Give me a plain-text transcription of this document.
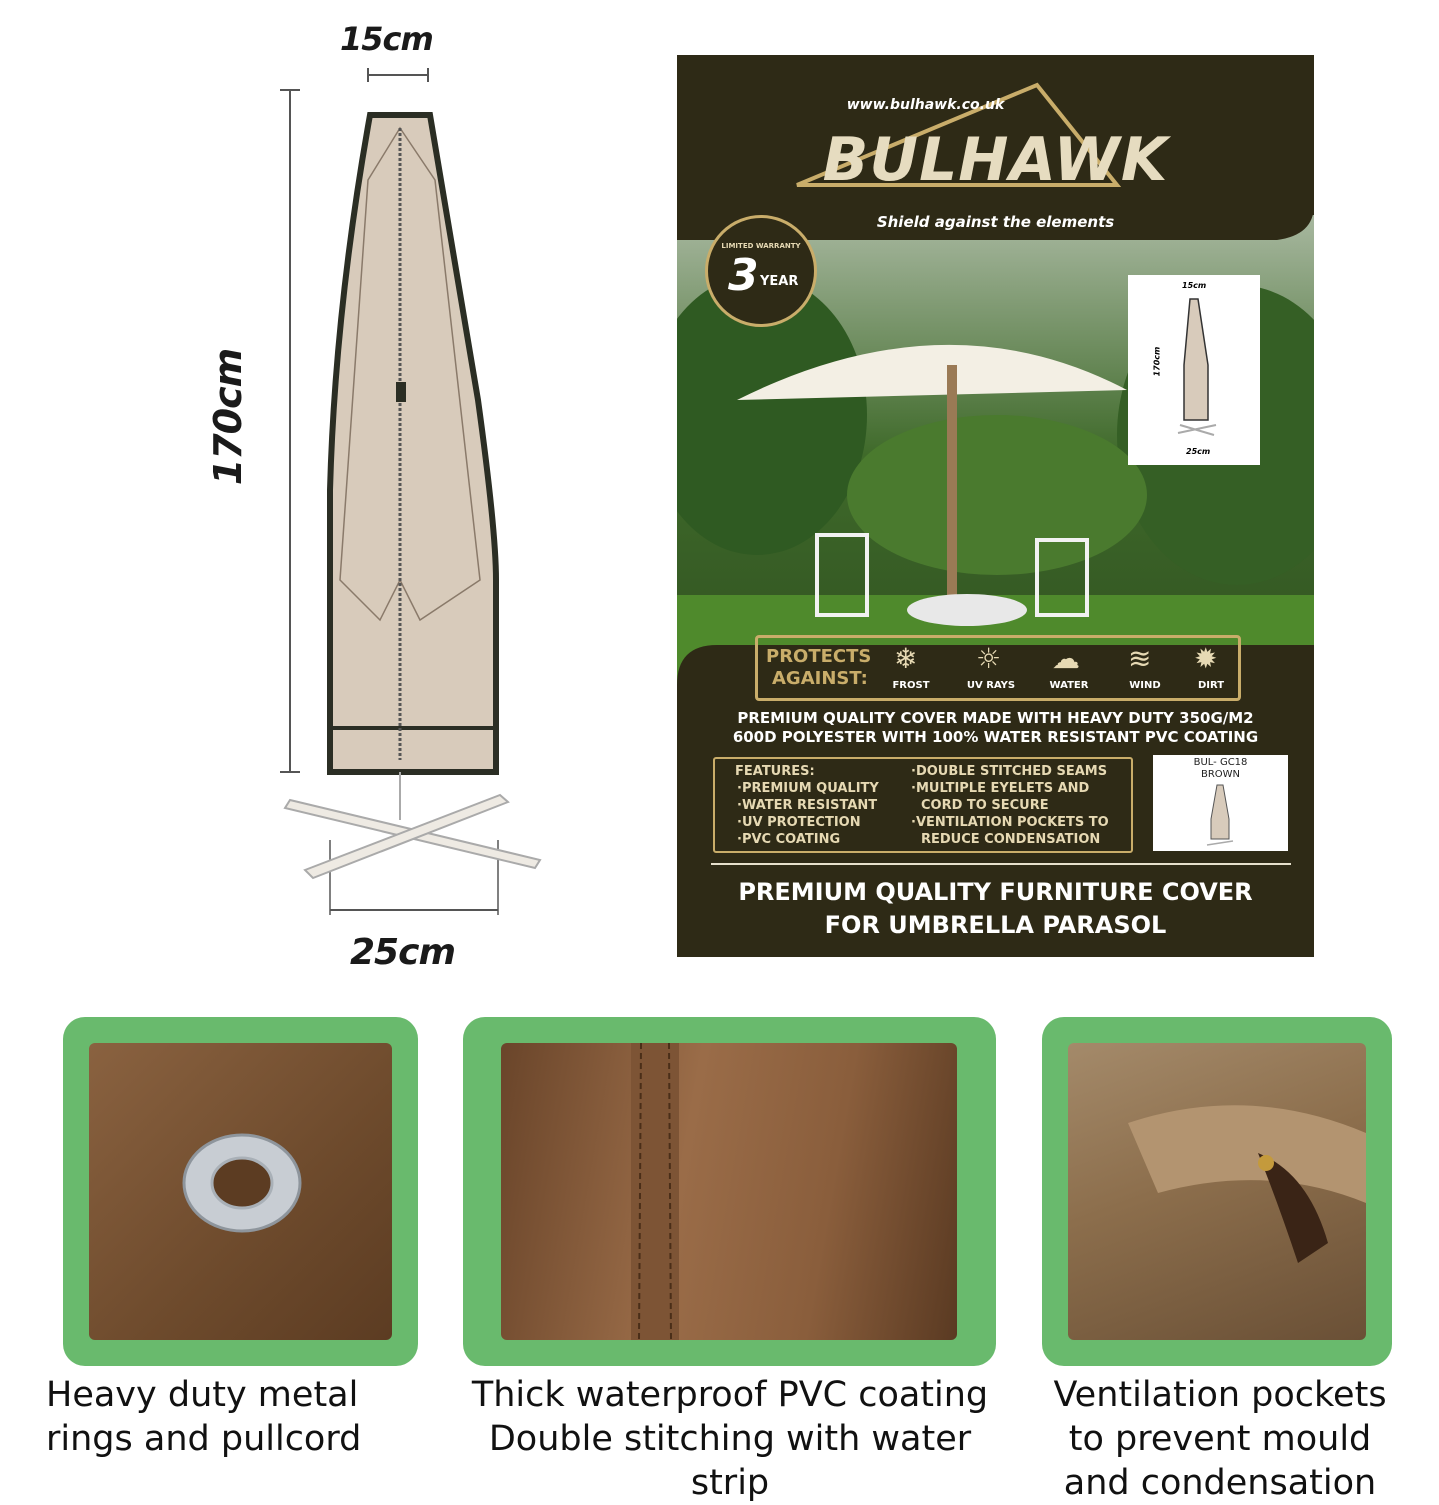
15cm
170cm
25cm
www.bulhawk.co.uk
BULHAWK
Shield against the elements
LIMITED WARRANTY
3 YEAR	15cm
170cm
25cm
PROTECTS
AGAINST:
❄
FROST
☼
UV RAYS
☁
WATER
≋
WIND
✹
DIRT
PREMIUM QUALITY COVER MADE WITH HEAVY DUTY 350G/M2
600D POLYESTER WITH 100% WATER RESISTANT PVC COATING
FEATURES:
·PREMIUM QUALITY
·WATER RESISTANT
·UV PROTECTION
·PVC COATING
·DOUBLE STITCHED SEAMS
·MULTIPLE EYELETS AND
CORD TO SECURE
·VENTILATION POCKETS TO
REDUCE CONDENSATION
BUL- GC18
BROWN
PREMIUM QUALITY FURNITURE COVER
FOR UMBRELLA PARASOL
Heavy duty metal
rings and pullcord
Thick waterproof PVC coating
Double stitching with water
strip
Ventilation pockets
to prevent mould
and condensation
